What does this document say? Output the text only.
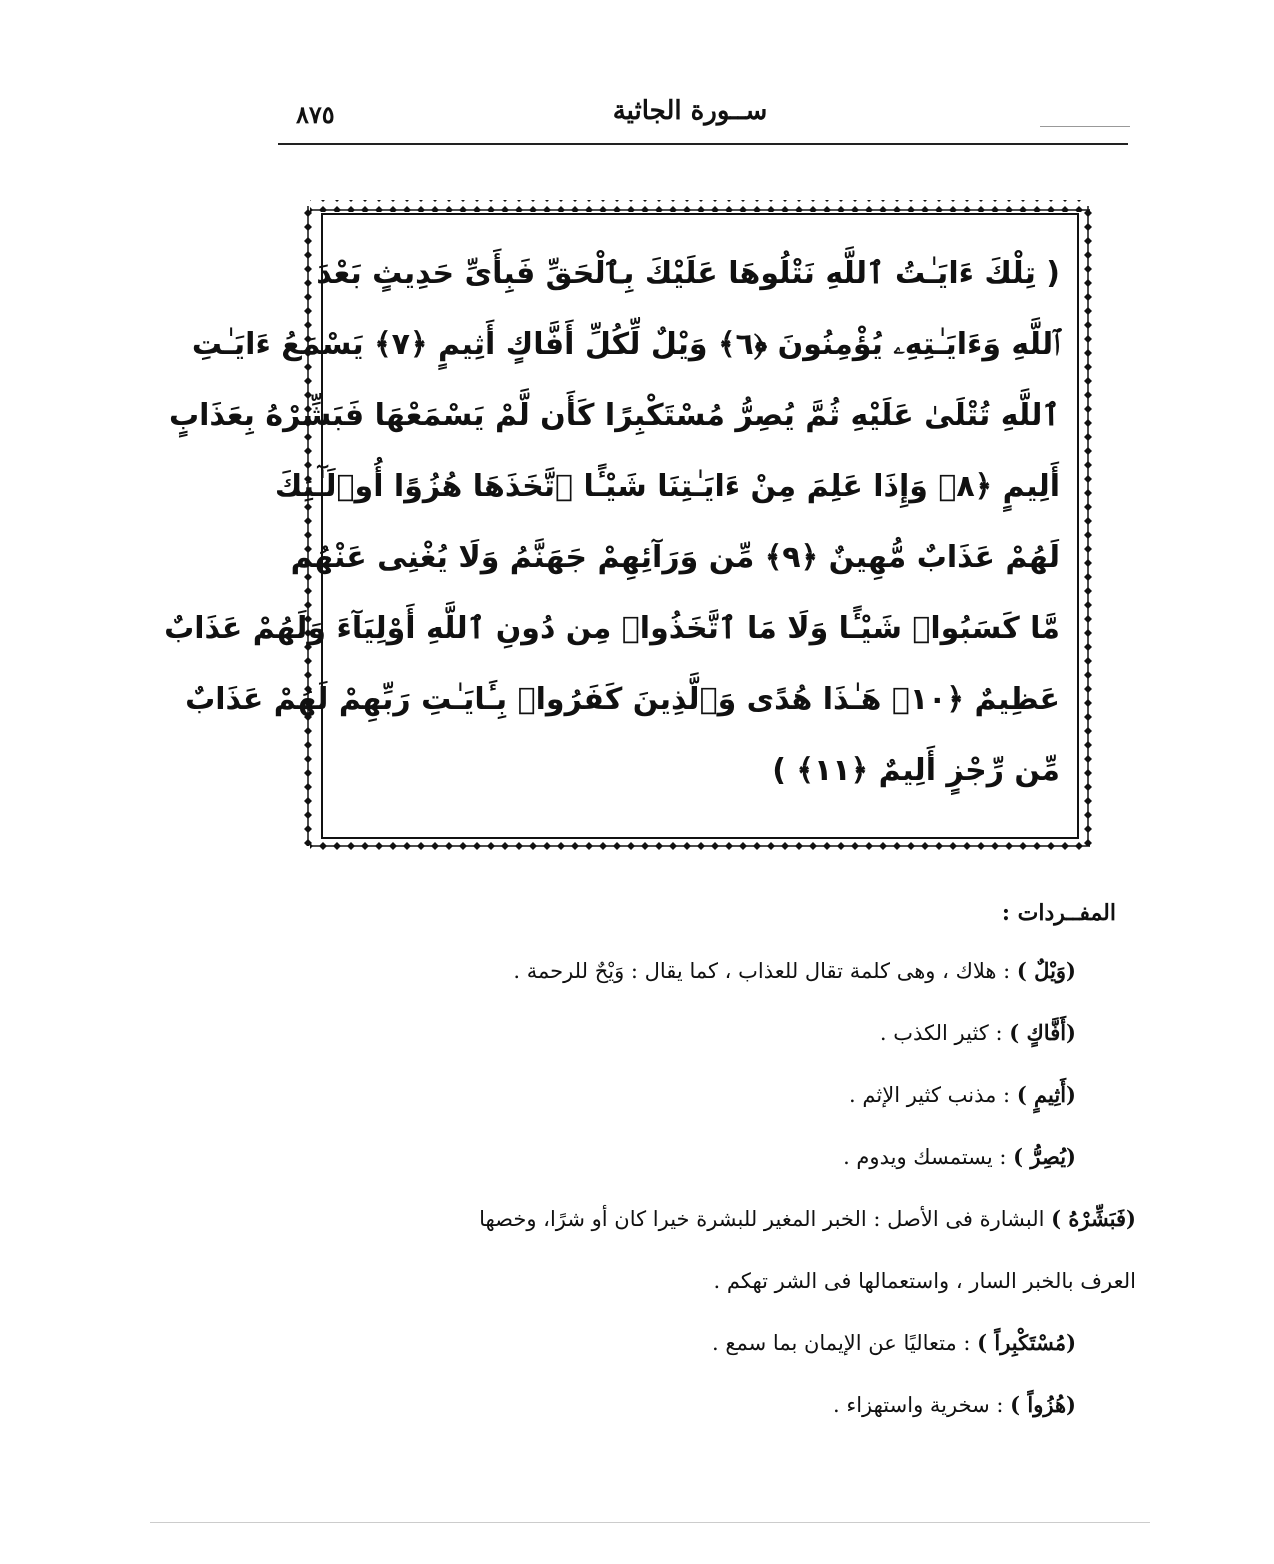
ســورة الجاثية
٨٧٥
( تِلْكَ ءَايَـٰتُ ٱللَّهِ نَتْلُوهَا عَلَيْكَ بِٱلْحَقِّ فَبِأَىِّ حَدِيثٍ بَعْدَ
ٱللَّهِ وَءَايَـٰتِهِۦ يُؤْمِنُونَ ﴿٦﴾ وَيْلٌ لِّكُلِّ أَفَّاكٍ أَثِيمٍ ﴿٧﴾ يَسْمَعُ ءَايَـٰتِ
ٱللَّهِ تُتْلَىٰ عَلَيْهِ ثُمَّ يُصِرُّ مُسْتَكْبِرًا كَأَن لَّمْ يَسْمَعْهَا فَبَشِّرْهُ بِعَذَابٍ
أَلِيمٍ ﴿٨﴾ وَإِذَا عَلِمَ مِنْ ءَايَـٰتِنَا شَيْـًٔا ٱتَّخَذَهَا هُزُوًا أُو۟لَـٰٓئِكَ
لَهُمْ عَذَابٌ مُّهِينٌ ﴿٩﴾ مِّن وَرَآئِهِمْ جَهَنَّمُ وَلَا يُغْنِى عَنْهُم
مَّا كَسَبُوا۟ شَيْـًٔا وَلَا مَا ٱتَّخَذُوا۟ مِن دُونِ ٱللَّهِ أَوْلِيَآءَ وَلَهُمْ عَذَابٌ
عَظِيمٌ ﴿١٠﴾ هَـٰذَا هُدًى وَٱلَّذِينَ كَفَرُوا۟ بِـَٔايَـٰتِ رَبِّهِمْ لَهُمْ عَذَابٌ
مِّن رِّجْزٍ أَلِيمٌ ﴿١١﴾ )
المفــردات :

(وَيْلٌ ) : هلاك ، وهى كلمة تقال للعذاب ، كما يقال : وَيْحٌ للرحمة .

(أَفَّاكٍ ) : كثير الكذب .

(أَثِيمٍ ) : مذنب كثير الإثم .

(يُصِرُّ ) : يستمسك ويدوم .

(فَبَشِّرْهُ ) البشارة فى الأصل : الخبر المغير للبشرة خيرا كان أو شرًا، وخصها
العرف بالخبر السار ، واستعمالها فى الشر تهكم .

(مُسْتَكْبِراً ) : متعاليًا عن الإيمان بما سمع .

(هُزُواً ) : سخرية واستهزاء .
